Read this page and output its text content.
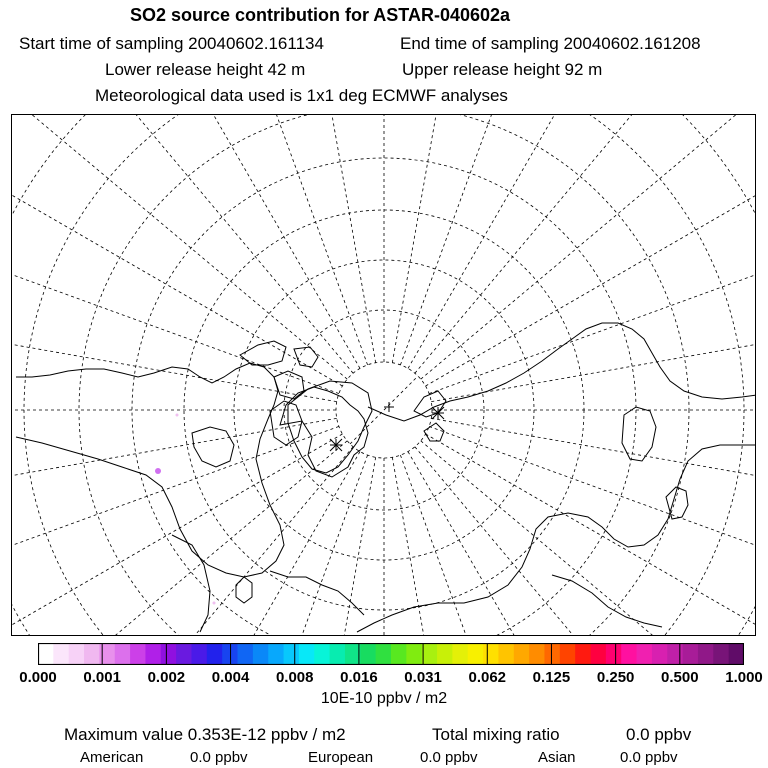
SO2 source contribution for ASTAR-040602a
Start time of sampling 20040602.161134	End time of sampling 20040602.161208
Lower release height 42 m	Upper release height 92 m
Meteorological data used is 1x1 deg ECMWF analyses
0.000 0.001 0.002 0.004 0.008 0.016 0.031 0.062 0.125 0.250 0.500 1.000
10E-10 ppbv / m2
Maximum value 0.353E-12 ppbv / m2	Total mixing ratio	0.0 ppbv
American	0.0 ppbv	European	0.0 ppbv	Asian	0.0 ppbv
